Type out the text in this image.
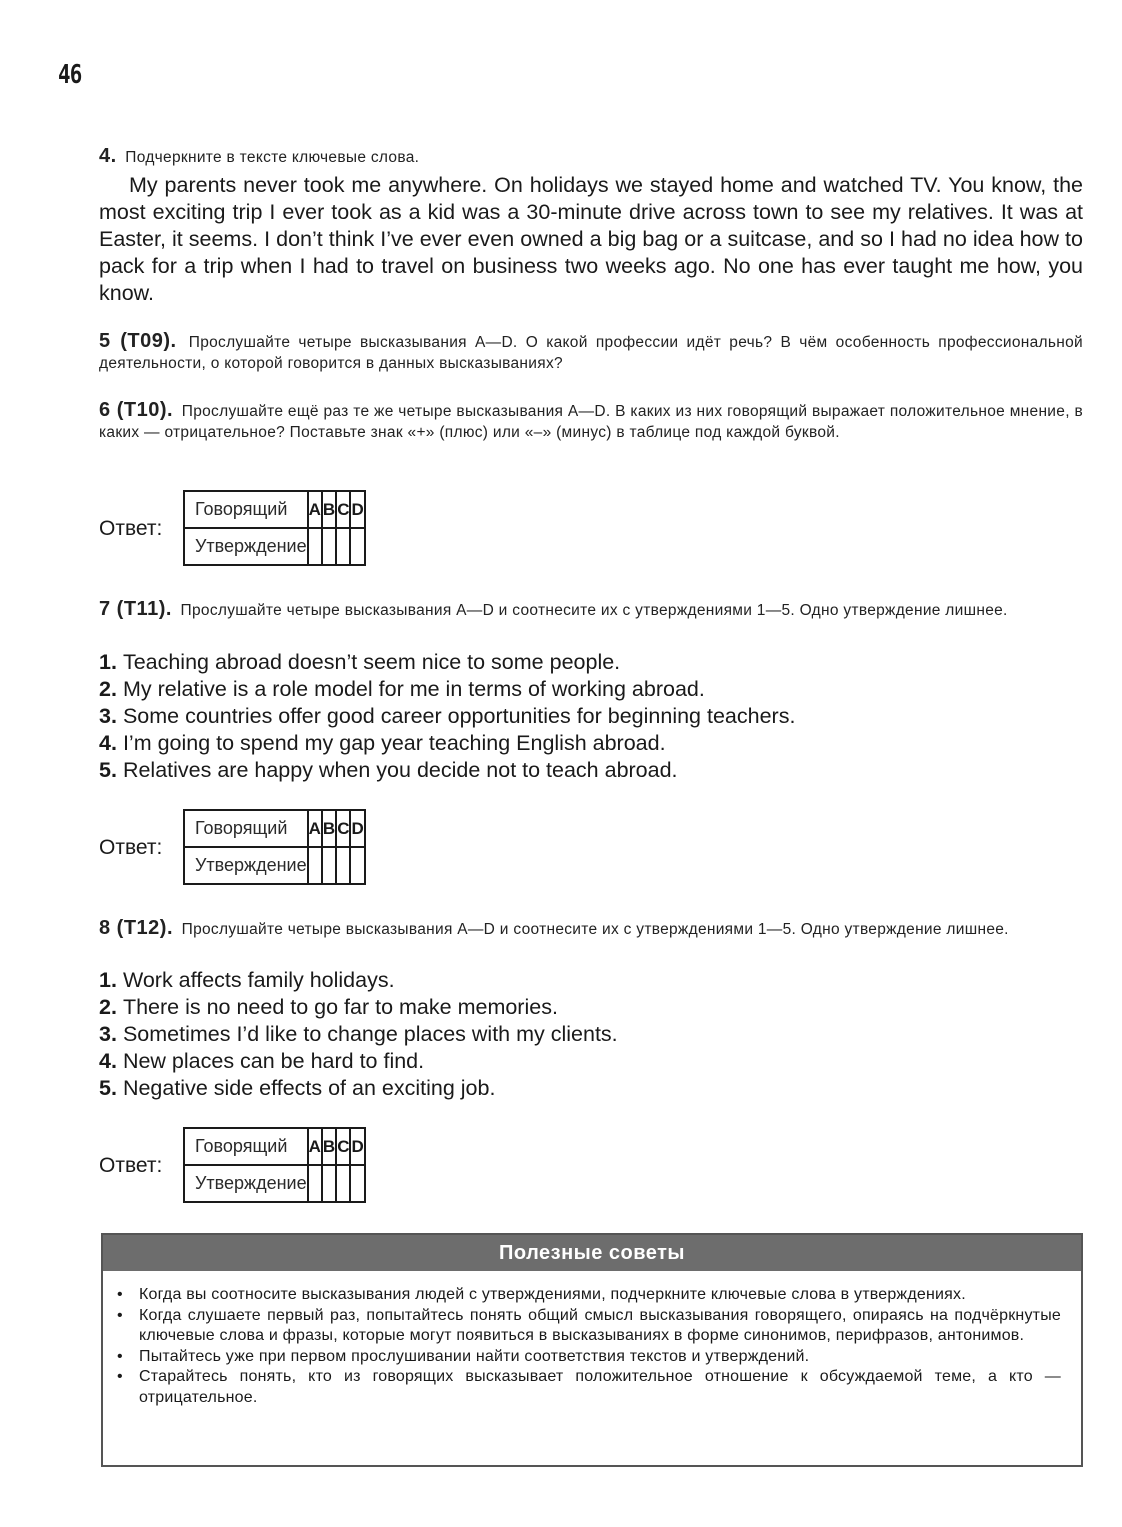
46
4. Подчеркните в тексте ключевые слова.
My parents never took me anywhere. On holidays we stayed home and watched TV. You know, the most exciting trip I ever took as a kid was a 30-minute drive across town to see my relatives. It was at Easter, it seems. I don’t think I’ve ever even owned a big bag or a suitcase, and so I had no idea how to pack for a trip when I had to travel on business two weeks ago. No one has ever taught me how, you know.
5 (T09). Прослушайте четыре высказывания A—D. О какой профессии идёт речь? В чём особенность профессиональной деятельности, о которой говорится в данных высказываниях?
6 (T10). Прослушайте ещё раз те же четыре высказывания A—D. В каких из них говорящий выражает положительное мнение, в каких — отрицательное? Поставьте знак «+» (плюс) или «–» (минус) в таблице под каждой буквой.
Ответ:
Говорящий	A	B	C	D
Утверждение				
7 (T11). Прослушайте четыре высказывания A—D и соотнесите их с утверждениями 1—5. Одно утверждение лишнее.
1. Teaching abroad doesn’t seem nice to some people.
2. My relative is a role model for me in terms of working abroad.
3. Some countries offer good career opportunities for beginning teachers.
4. I’m going to spend my gap year teaching English abroad.
5. Relatives are happy when you decide not to teach abroad.
Ответ:
Говорящий	A	B	C	D
Утверждение				
8 (T12). Прослушайте четыре высказывания A—D и соотнесите их с утверждениями 1—5. Одно утверждение лишнее.
1. Work affects family holidays.
2. There is no need to go far to make memories.
3. Sometimes I’d like to change places with my clients.
4. New places can be hard to find.
5. Negative side effects of an exciting job.
Ответ:
Говорящий	A	B	C	D
Утверждение				
Полезные советы
• Когда вы соотносите высказывания людей с утверждениями, подчеркните ключевые слова в утверждениях.
• Когда слушаете первый раз, попытайтесь понять общий смысл высказывания говорящего, опираясь на подчёркнутые ключевые слова и фразы, которые могут появиться в высказываниях в форме синонимов, перифразов, антонимов.
• Пытайтесь уже при первом прослушивании найти соответствия текстов и утверждений.
• Старайтесь понять, кто из говорящих высказывает положительное отношение к обсуждаемой теме, а кто — отрицательное.
